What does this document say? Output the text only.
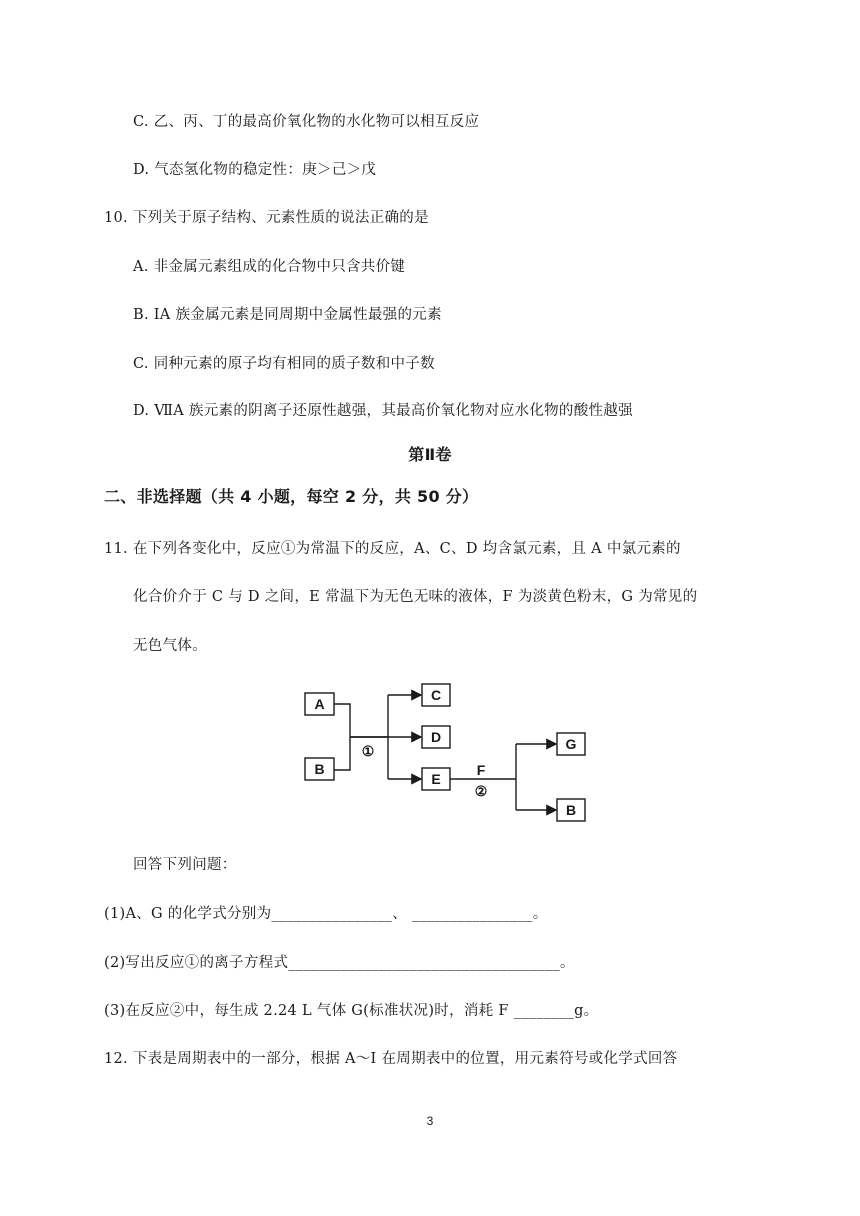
C. 乙、丙、丁的最高价氧化物的水化物可以相互反应
D. 气态氢化物的稳定性：庚＞己＞戊
10. 下列关于原子结构、元素性质的说法正确的是
A. 非金属元素组成的化合物中只含共价键
B. ⅠA 族金属元素是同周期中金属性最强的元素
C. 同种元素的原子均有相同的质子数和中子数
D. ⅦA 族元素的阴离子还原性越强，其最高价氧化物对应水化物的酸性越强
第Ⅱ卷
二、非选择题（共 4 小题，每空 2 分，共 50 分）
11. 在下列各变化中，反应①为常温下的反应，A、C、D 均含氯元素，且 A 中氯元素的
化合价介于 C 与 D 之间，E 常温下为无色无味的液体，F 为淡黄色粉末，G 为常见的
无色气体。
A
B
C
D
E
G
B
①
F
②
回答下列问题：
(1)A、G 的化学式分别为________________、 ________________。
(2)写出反应①的离子方程式____________________________________。
(3)在反应②中，每生成 2.24 L 气体 G(标准状况)时，消耗 F ________g。
12. 下表是周期表中的一部分，根据 A～I 在周期表中的位置，用元素符号或化学式回答
3
